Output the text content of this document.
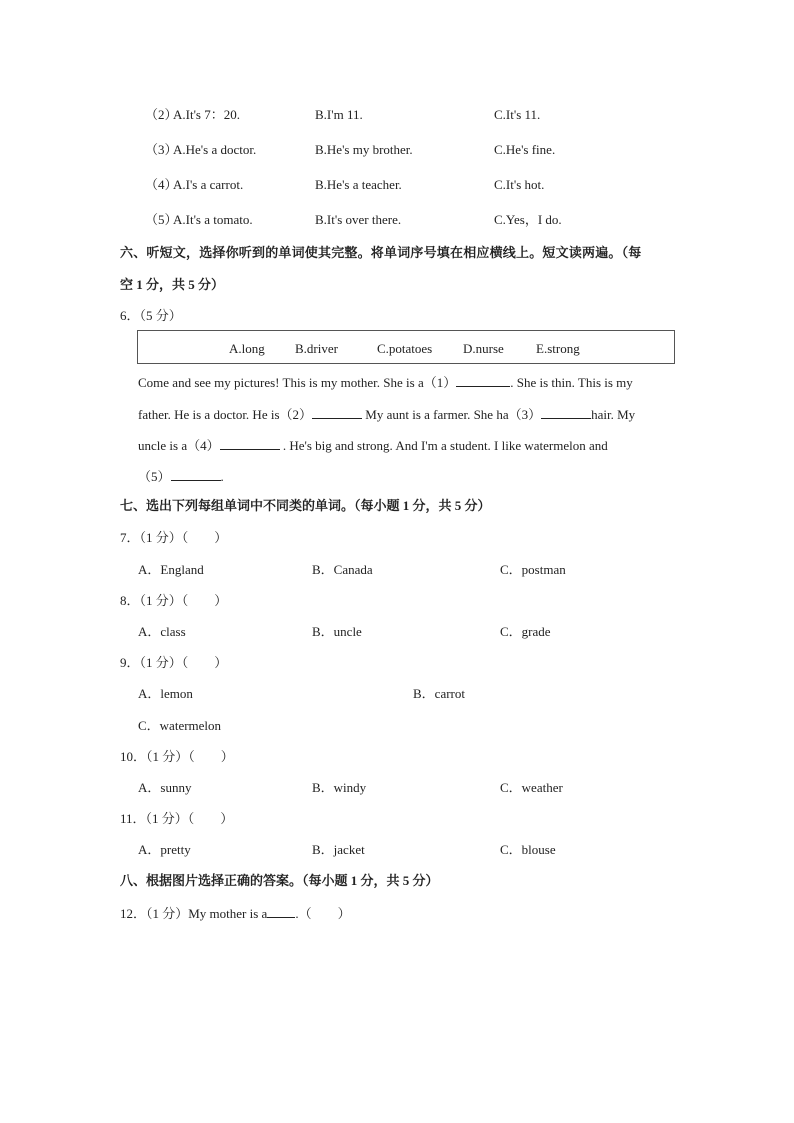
（2）
A.It's 7：20.	B.I'm 11.	C.It's 11.
（3）
A.He's a doctor.	B.He's my brother.	C.He's fine.
（4）
A.I's a carrot.	B.He's a teacher.	C.It's hot.
（5）
A.It's a tomato.	B.It's over there.	C.Yes，I do.
六、听短文，选择你听到的单词使其完整。将单词序号填在相应横线上。短文读两遍。（每
空 1 分，共 5 分）
6．（5 分）
A.long B.driver	C.potatoes D.nurse E.strong
Come and see my pictures! This is my mother. She is a（1）	. She is thin. This is my
father. He is a doctor. He is（2）	My aunt is a farmer. She ha（3）	hair. My
uncle is a（4）	. He's big and strong. And I'm a student. I like watermelon and
（5）	.
七、选出下列每组单词中不同类的单词。（每小题 1 分，共 5 分）
7．（1 分）（　　）
A．England	B．Canada	C．postman
8．（1 分）（　　）
A．class	B．uncle	C．grade
9．（1 分）（　　）
A．lemon	B．carrot
C．watermelon
10．（1 分）（　　）
A．sunny	B．windy	C．weather
11．（1 分）（　　）
A．pretty	B．jacket	C．blouse
八、根据图片选择正确的答案。（每小题 1 分，共 5 分）
12．（1 分）My mother is a .（　　）
